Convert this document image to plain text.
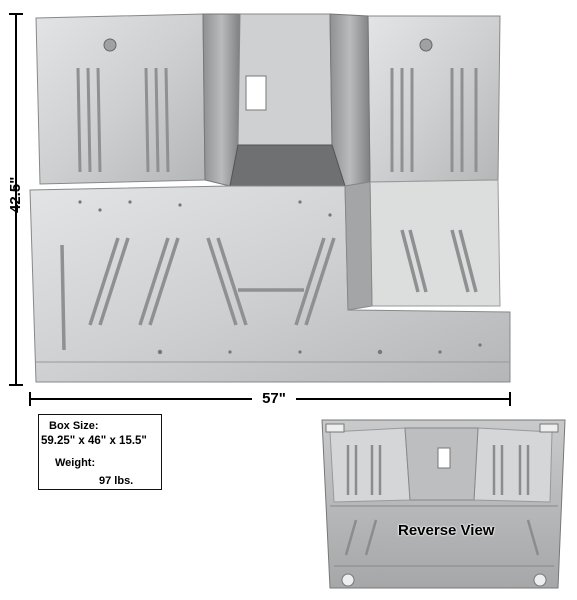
42.5"
57"
Box Size:
59.25" x 46" x 15.5"
Weight:
97 lbs.
Reverse View
